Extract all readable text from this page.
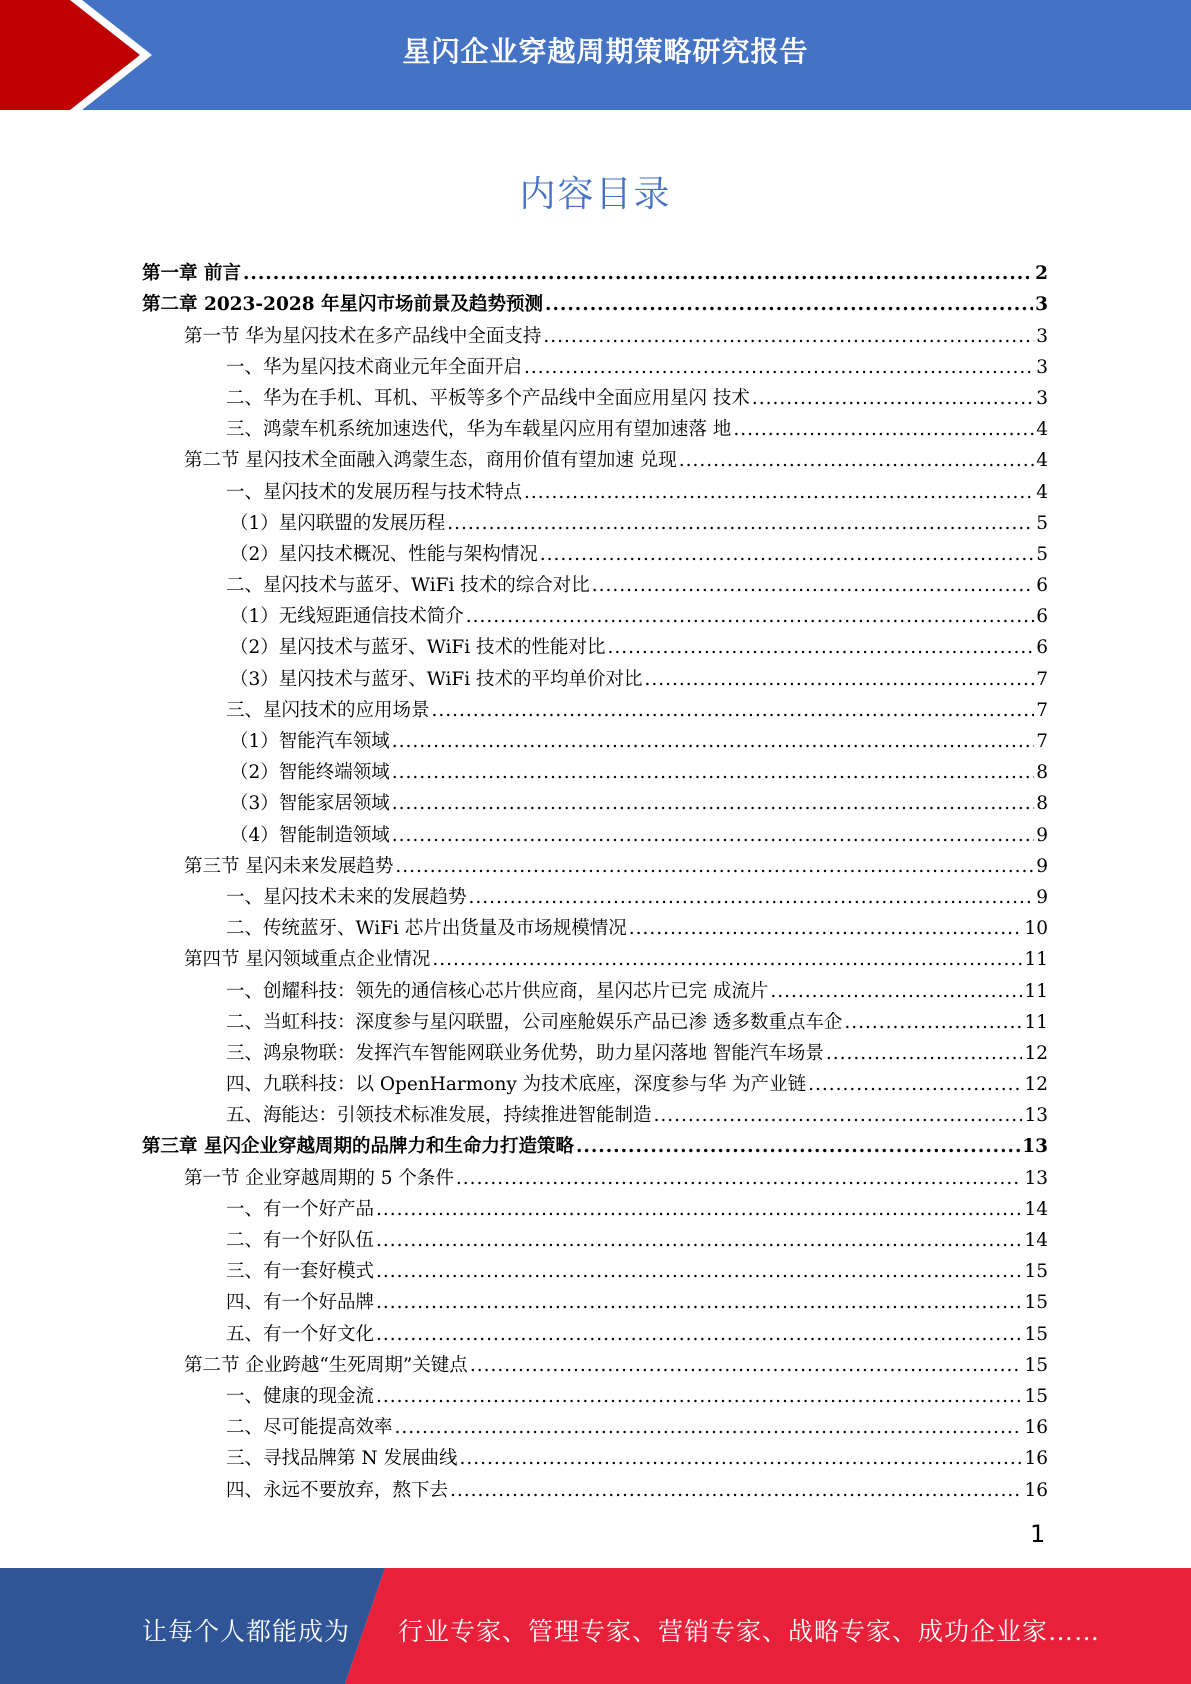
星闪企业穿越周期策略研究报告
内容目录
第一章 前言 .....	2
第二章 2023-2028 年星闪市场前景及趋势预测 .....	3
第一节 华为星闪技术在多产品线中全面支持 .....	3
一、华为星闪技术商业元年全面开启 .....	3
二、华为在手机、耳机、平板等多个产品线中全面应用星闪 技术 .....	3
三、鸿蒙车机系统加速迭代，华为车载星闪应用有望加速落 地 .....	4
第二节 星闪技术全面融入鸿蒙生态，商用价值有望加速 兑现 .....	4
一、星闪技术的发展历程与技术特点 .....	4
（1）星闪联盟的发展历程 .....	5
（2）星闪技术概况、性能与架构情况 .....	5
二、星闪技术与蓝牙、WiFi 技术的综合对比 .....	6
（1）无线短距通信技术简介 .....	6
（2）星闪技术与蓝牙、WiFi 技术的性能对比 .....	6
（3）星闪技术与蓝牙、WiFi 技术的平均单价对比 .....	7
三、星闪技术的应用场景 .....	7
（1）智能汽车领域 .....	7
（2）智能终端领域 .....	8
（3）智能家居领域 .....	8
（4）智能制造领域 .....	9
第三节 星闪未来发展趋势 .....	9
一、星闪技术未来的发展趋势 .....	9
二、传统蓝牙、WiFi 芯片出货量及市场规模情况 .....	10
第四节 星闪领域重点企业情况 .....	11
一、创耀科技：领先的通信核心芯片供应商，星闪芯片已完 成流片 .....	11
二、当虹科技：深度参与星闪联盟，公司座舱娱乐产品已渗 透多数重点车企 .....	11
三、鸿泉物联：发挥汽车智能网联业务优势，助力星闪落地 智能汽车场景 .....	12
四、九联科技：以 OpenHarmony 为技术底座，深度参与华 为产业链 .....	12
五、海能达：引领技术标准发展，持续推进智能制造 .....	13
第三章 星闪企业穿越周期的品牌力和生命力打造策略 .....	13
第一节 企业穿越周期的 5 个条件 .....	13
一、有一个好产品 .....	14
二、有一个好队伍 .....	14
三、有一套好模式 .....	15
四、有一个好品牌 .....	15
五、有一个好文化 .....	15
第二节 企业跨越“生死周期”关键点 .....	15
一、健康的现金流 .....	15
二、尽可能提高效率 .....	16
三、寻找品牌第 N 发展曲线 .....	16
四、永远不要放弃，熬下去 .....	16
1
让每个人都能成为 行业专家、管理专家、营销专家、战略专家、成功企业家……
